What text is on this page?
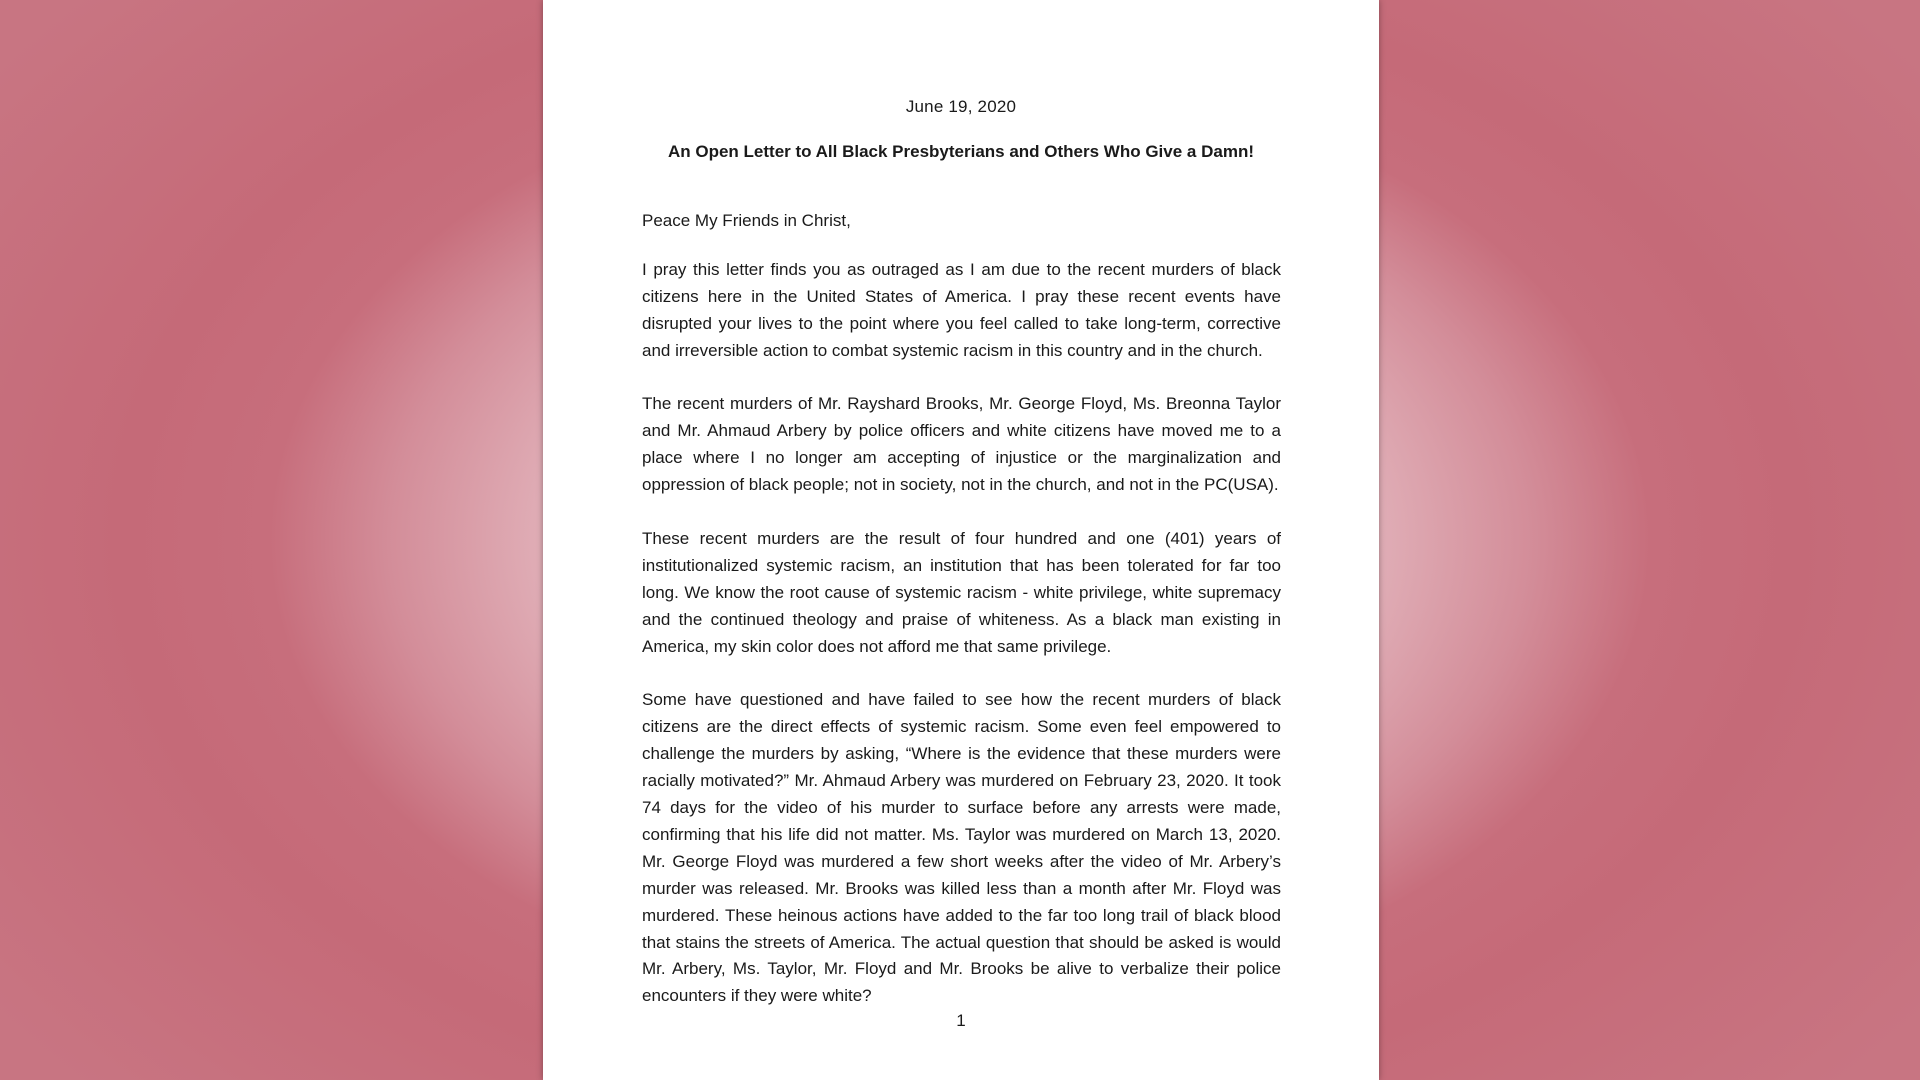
June 19, 2020
An Open Letter to All Black Presbyterians and Others Who Give a Damn!

Peace My Friends in Christ,

I pray this letter finds you as outraged as I am due to the recent murders of black citizens here in the United States of America. I pray these recent events have disrupted your lives to the point where you feel called to take long-term, corrective and irreversible action to combat systemic racism in this country and in the church.

The recent murders of Mr. Rayshard Brooks, Mr. George Floyd, Ms. Breonna Taylor and Mr. Ahmaud Arbery by police officers and white citizens have moved me to a place where I no longer am accepting of injustice or the marginalization and oppression of black people; not in society, not in the church, and not in the PC(USA).

These recent murders are the result of four hundred and one (401) years of institutionalized systemic racism, an institution that has been tolerated for far too long. We know the root cause of systemic racism - white privilege, white supremacy and the continued theology and praise of whiteness. As a black man existing in America, my skin color does not afford me that same privilege.

Some have questioned and have failed to see how the recent murders of black citizens are the direct effects of systemic racism. Some even feel empowered to challenge the murders by asking, “Where is the evidence that these murders were racially motivated?” Mr. Ahmaud Arbery was murdered on February 23, 2020. It took 74 days for the video of his murder to surface before any arrests were made, confirming that his life did not matter. Ms. Taylor was murdered on March 13, 2020. Mr. George Floyd was murdered a few short weeks after the video of Mr. Arbery’s murder was released. Mr. Brooks was killed less than a month after Mr. Floyd was murdered. These heinous actions have added to the far too long trail of black blood that stains the streets of America. The actual question that should be asked is would Mr. Arbery, Ms. Taylor, Mr. Floyd and Mr. Brooks be alive to verbalize their police encounters if they were white?

1
